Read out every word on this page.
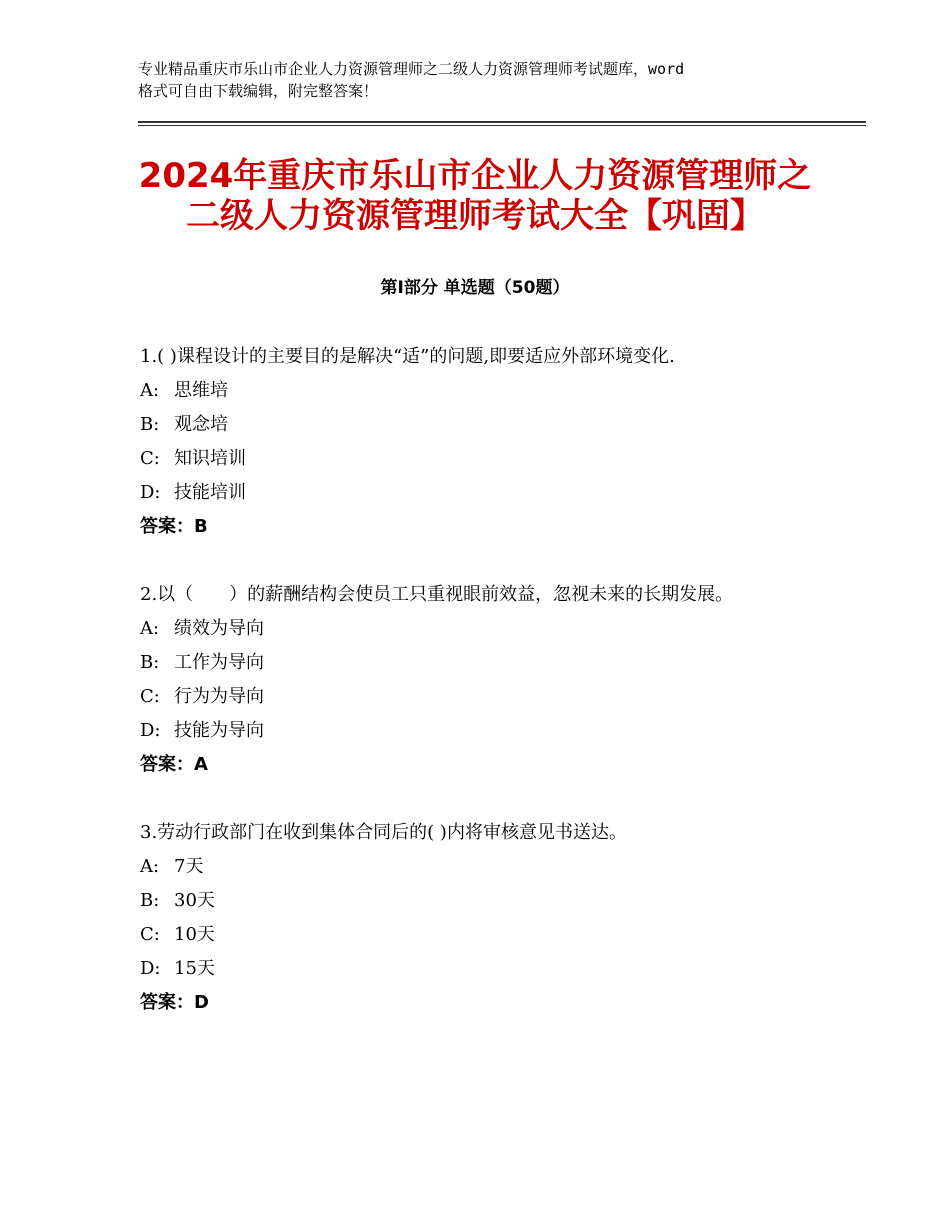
专业精品重庆市乐山市企业人力资源管理师之二级人力资源管理师考试题库，word
格式可自由下载编辑，附完整答案！
2024年重庆市乐山市企业人力资源管理师之
二级人力资源管理师考试大全【巩固】
第Ⅰ部分 单选题（50题）
1.( )课程设计的主要目的是解决“适”的问题,即要适应外部环境变化.
A: 思维培
B: 观念培
C: 知识培训
D: 技能培训
答案：B
2.以（　　）的薪酬结构会使员工只重视眼前效益，忽视未来的长期发展。
A: 绩效为导向
B: 工作为导向
C: 行为为导向
D: 技能为导向
答案：A
3.劳动行政部门在收到集体合同后的( )内将审核意见书送达。
A: 7天
B: 30天
C: 10天
D: 15天
答案：D
